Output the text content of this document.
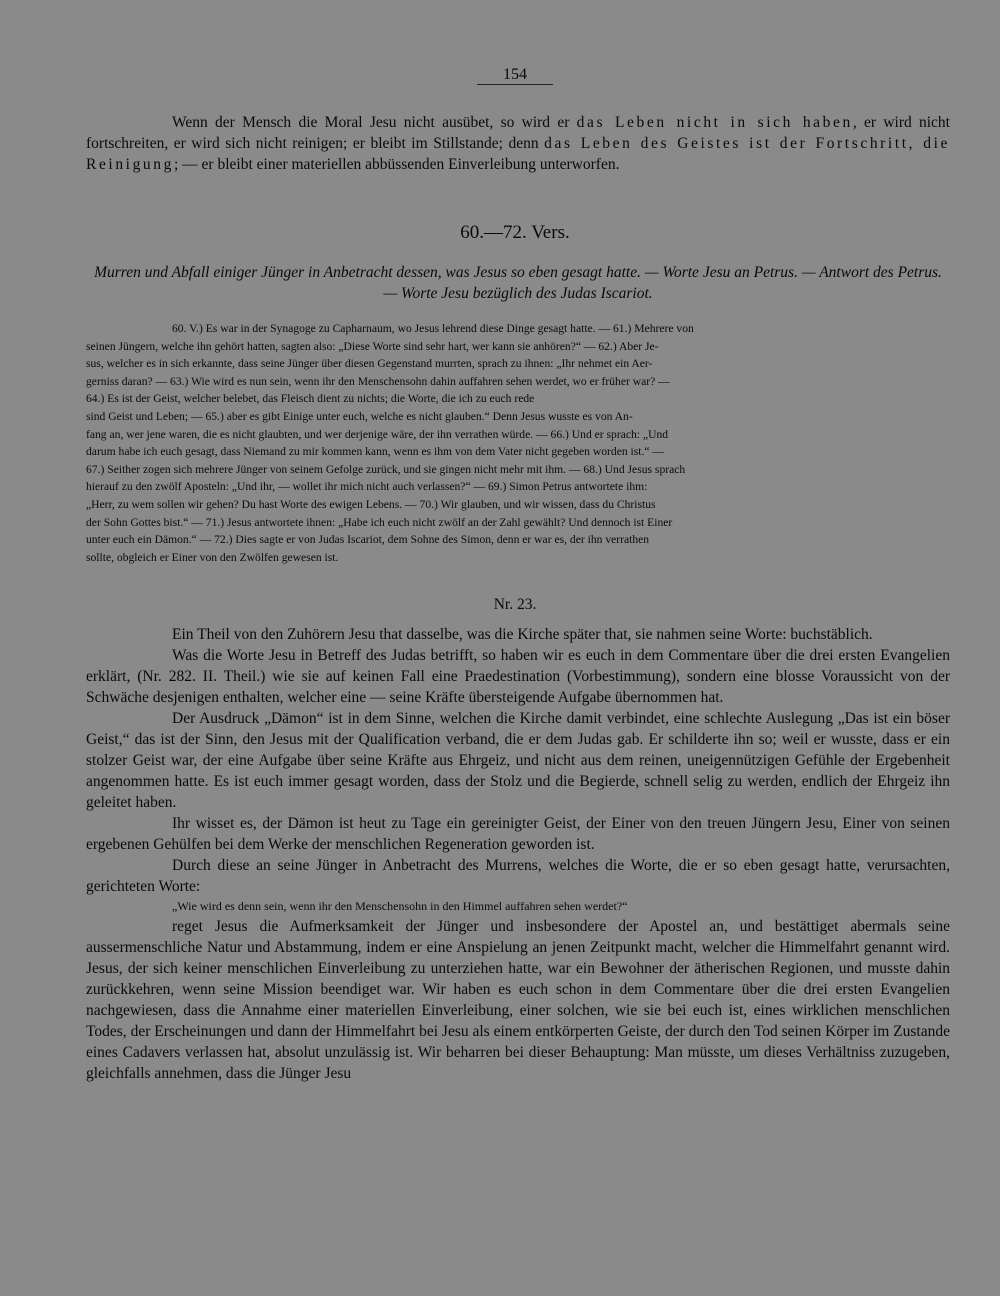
154
Wenn der Mensch die Moral Jesu nicht ausübet, so wird er das Leben nicht in sich haben, er wird nicht fortschreiten, er wird sich nicht reinigen; er bleibt im Stillstande; denn das Leben des Geistes ist der Fortschritt, die Reinigung; — er bleibt einer materiellen abbüssenden Einverleibung unterworfen.
60.—72. Vers.
Murren und Abfall einiger Jünger in Anbetracht dessen, was Jesus so eben gesagt hatte. — Worte Jesu an Petrus. — Antwort des Petrus. — Worte Jesu bezüglich des Judas Iscariot.
60. V.) Es war in der Synagoge zu Capharnaum, wo Jesus lehrend diese Dinge gesagt hatte. — 61.) Mehrere von
seinen Jüngern, welche ihn gehört hatten, sagten also: „Diese Worte sind sehr hart, wer kann sie anhören?“ — 62.) Aber Je-
sus, welcher es in sich erkannte, dass seine Jünger über diesen Gegenstand murrten, sprach zu ihnen: „Ihr nehmet ein Aer-
gerniss daran? — 63.) Wie wird es nun sein, wenn ihr den Menschensohn dahin auffahren sehen werdet, wo er früher war? —
64.) Es ist der Geist, welcher belebet, das Fleisch dient zu nichts; die Worte, die ich zu euch rede
sind Geist und Leben; — 65.) aber es gibt Einige unter euch, welche es nicht glauben.“ Denn Jesus wusste es von An-
fang an, wer jene waren, die es nicht glaubten, und wer derjenige wäre, der ihn verrathen würde. — 66.) Und er sprach: „Und
darum habe ich euch gesagt, dass Niemand zu mir kommen kann, wenn es ihm von dem Vater nicht gegeben worden ist.“ —
67.) Seither zogen sich mehrere Jünger von seinem Gefolge zurück, und sie gingen nicht mehr mit ihm. — 68.) Und Jesus sprach
hierauf zu den zwölf Aposteln: „Und ihr, — wollet ihr mich nicht auch verlassen?“ — 69.) Simon Petrus antwortete ihm:
„Herr, zu wem sollen wir gehen? Du hast Worte des ewigen Lebens. — 70.) Wir glauben, und wir wissen, dass du Christus
der Sohn Gottes bist.“ — 71.) Jesus antwortete ihnen: „Habe ich euch nicht zwölf an der Zahl gewählt? Und dennoch ist Einer
unter euch ein Dämon.“ — 72.) Dies sagte er von Judas Iscariot, dem Sohne des Simon, denn er war es, der ihn verrathen
sollte, obgleich er Einer von den Zwölfen gewesen ist.
Nr. 23.

Ein Theil von den Zuhörern Jesu that dasselbe, was die Kirche später that, sie nahmen seine Worte: buchstäblich.

Was die Worte Jesu in Betreff des Judas betrifft, so haben wir es euch in dem Commentare über die drei ersten Evangelien erklärt, (Nr. 282. II. Theil.) wie sie auf keinen Fall eine Praedestination (Vorbestimmung), sondern eine blosse Voraussicht von der Schwäche desjenigen enthalten, welcher eine — seine Kräfte übersteigende Aufgabe übernommen hat.

Der Ausdruck „Dämon“ ist in dem Sinne, welchen die Kirche damit verbindet, eine schlechte Auslegung „Das ist ein böser Geist,“ das ist der Sinn, den Jesus mit der Qualification verband, die er dem Judas gab. Er schilderte ihn so; weil er wusste, dass er ein stolzer Geist war, der eine Aufgabe über seine Kräfte aus Ehrgeiz, und nicht aus dem reinen, uneigennützigen Gefühle der Ergebenheit angenommen hatte. Es ist euch immer gesagt worden, dass der Stolz und die Begierde, schnell selig zu werden, endlich der Ehrgeiz ihn geleitet haben.

Ihr wisset es, der Dämon ist heut zu Tage ein gereinigter Geist, der Einer von den treuen Jüngern Jesu, Einer von seinen ergebenen Gehülfen bei dem Werke der menschlichen Regeneration geworden ist.

Durch diese an seine Jünger in Anbetracht des Murrens, welches die Worte, die er so eben gesagt hatte, verursachten, gerichteten Worte:

„Wie wird es denn sein, wenn ihr den Menschensohn in den Himmel auffahren sehen werdet?“

reget Jesus die Aufmerksamkeit der Jünger und insbesondere der Apostel an, und bestättiget abermals seine aussermenschliche Natur und Abstammung, indem er eine Anspielung an jenen Zeitpunkt macht, welcher die Himmelfahrt genannt wird. Jesus, der sich keiner menschlichen Einverleibung zu unterziehen hatte, war ein Bewohner der ätherischen Regionen, und musste dahin zurückkehren, wenn seine Mission beendiget war. Wir haben es euch schon in dem Commentare über die drei ersten Evangelien nachgewiesen, dass die Annahme einer materiellen Einverleibung, einer solchen, wie sie bei euch ist, eines wirklichen menschlichen Todes, der Erscheinungen und dann der Himmelfahrt bei Jesu als einem entkörperten Geiste, der durch den Tod seinen Körper im Zustande eines Cadavers verlassen hat, absolut unzulässig ist. Wir beharren bei dieser Behauptung: Man müsste, um dieses Verhältniss zuzugeben, gleichfalls annehmen, dass die Jünger Jesu
